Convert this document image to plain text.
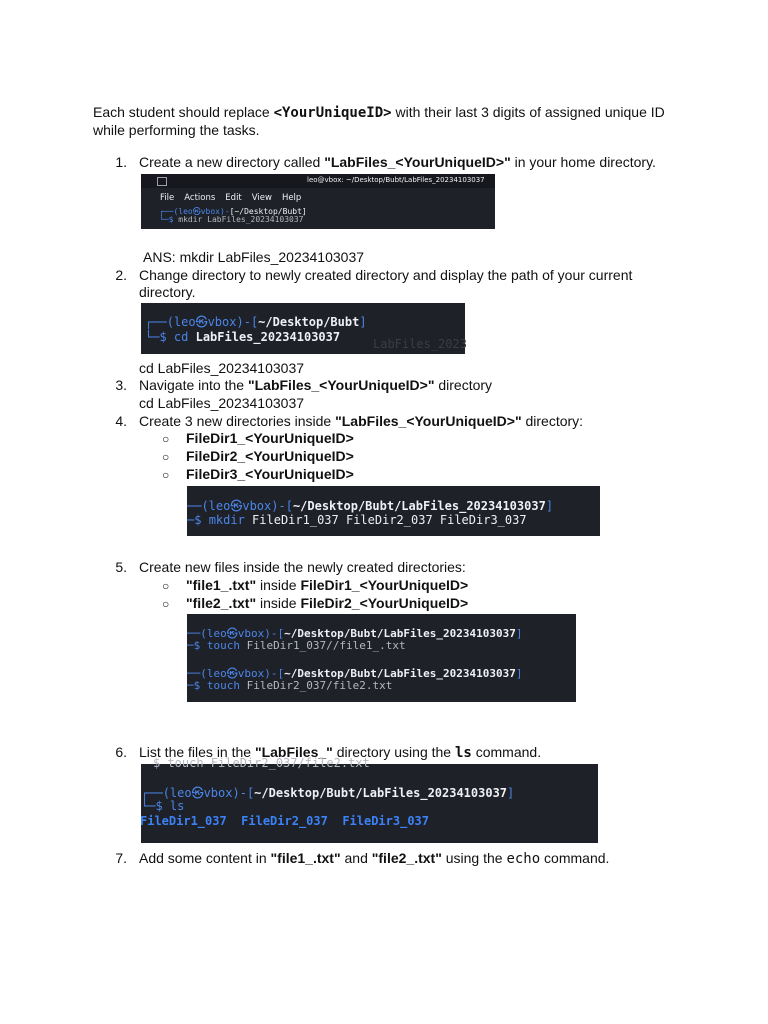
Each student should replace <YourUniqueID> with their last 3 digits of assigned unique ID
while performing the tasks.
1. Create a new directory called "LabFiles_<YourUniqueID>" in your home directory.
leo@vbox: ~/Desktop/Bubt/LabFiles_20234103037
File Actions Edit View Help
┌──(leo㉿vbox)-[~/Desktop/Bubt]
└─$ mkdir LabFiles_20234103037
ANS: mkdir LabFiles_20234103037
2. Change directory to newly created directory and display the path of your current
directory.
LabFiles_2023
┌──(leo㉿vbox)-[~/Desktop/Bubt]
└─$ cd LabFiles_20234103037
cd LabFiles_20234103037
3. Navigate into the "LabFiles_<YourUniqueID>" directory
cd LabFiles_20234103037
4. Create 3 new directories inside "LabFiles_<YourUniqueID>" directory:
○ FileDir1_<YourUniqueID>
○ FileDir2_<YourUniqueID>
○ FileDir3_<YourUniqueID>
──(leo㉿vbox)-[~/Desktop/Bubt/LabFiles_20234103037]
─$ mkdir FileDir1_037 FileDir2_037 FileDir3_037
5. Create new files inside the newly created directories:
○ "file1_.txt" inside FileDir1_<YourUniqueID>
○ "file2_.txt" inside FileDir2_<YourUniqueID>
──(leo㉿vbox)-[~/Desktop/Bubt/LabFiles_20234103037]
─$ touch FileDir1_037//file1_.txt
──(leo㉿vbox)-[~/Desktop/Bubt/LabFiles_20234103037]
─$ touch FileDir2_037/file2.txt
6. List the files in the "LabFiles_" directory using the ls command.
$ touch FileDir2_037/file2.txt
┌──(leo㉿vbox)-[~/Desktop/Bubt/LabFiles_20234103037]
└─$ ls
FileDir1_037 FileDir2_037 FileDir3_037
7. Add some content in "file1_.txt" and "file2_.txt" using the echo command.
